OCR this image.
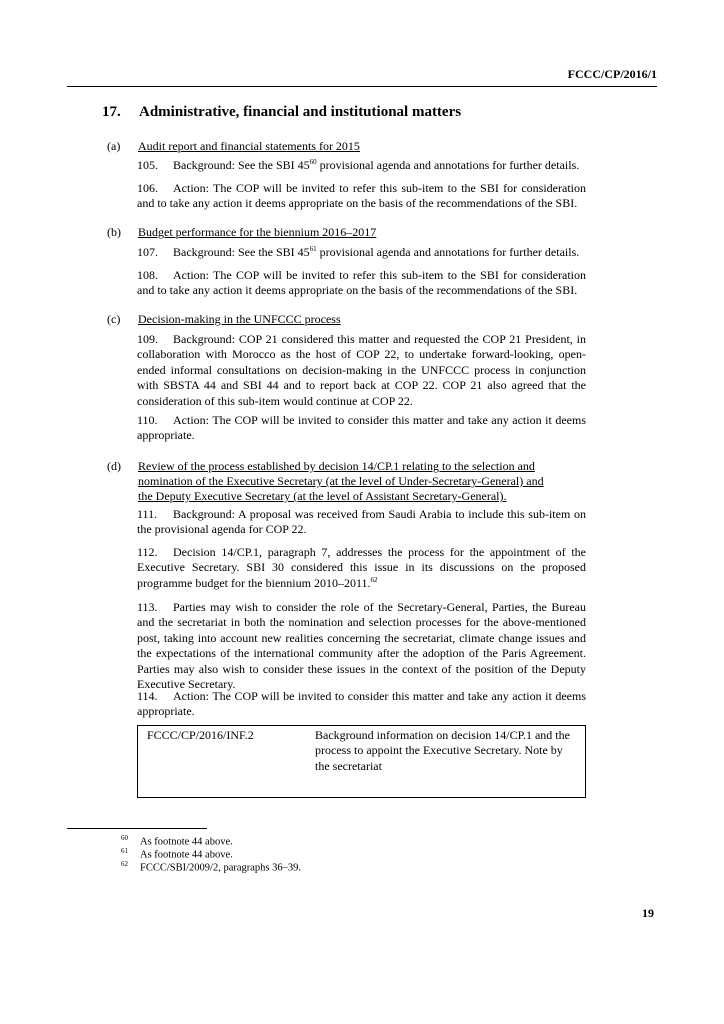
FCCC/CP/2016/1
17. Administrative, financial and institutional matters
(a) Audit report and financial statements for 2015
105. Background: See the SBI $45^{60}$ provisional agenda and annotations for further details.
106. Action: The COP will be invited to refer this sub-item to the SBI for consideration and to take any action it deems appropriate on the basis of the recommendations of the SBI.
(b) Budget performance for the biennium 2016–2017
107. Background: See the SBI $45^{61}$ provisional agenda and annotations for further details.
108. Action: The COP will be invited to refer this sub-item to the SBI for consideration and to take any action it deems appropriate on the basis of the recommendations of the SBI.
(c) Decision-making in the UNFCCC process
109. Background: COP 21 considered this matter and requested the COP 21 President, in collaboration with Morocco as the host of COP 22, to undertake forward-looking, open-ended informal consultations on decision-making in the UNFCCC process in conjunction with SBSTA 44 and SBI 44 and to report back at COP 22. COP 21 also agreed that the consideration of this sub-item would continue at COP 22.
110. Action: The COP will be invited to consider this matter and take any action it deems appropriate.
(d) Review of the process established by decision 14/CP.1 relating to the selection and nomination of the Executive Secretary (at the level of Under-Secretary-General) and the Deputy Executive Secretary (at the level of Assistant Secretary-General).
111. Background: A proposal was received from Saudi Arabia to include this sub-item on the provisional agenda for COP 22.
112. Decision 14/CP.1, paragraph 7, addresses the process for the appointment of the Executive Secretary. SBI 30 considered this issue in its discussions on the proposed programme budget for the biennium 2010–2011.62
113. Parties may wish to consider the role of the Secretary-General, Parties, the Bureau and the secretariat in both the nomination and selection processes for the above-mentioned post, taking into account new realities concerning the secretariat, climate change issues and the expectations of the international community after the adoption of the Paris Agreement. Parties may also wish to consider these issues in the context of the position of the Deputy Executive Secretary.
114. Action: The COP will be invited to consider this matter and take any action it deems appropriate.
FCCC/CP/2016/INF.2	Background information on decision 14/CP.1 and the process to appoint the Executive Secretary. Note by the secretariat
60 As footnote 44 above.
61 As footnote 44 above.
62 FCCC/SBI/2009/2, paragraphs 36–39.
19
